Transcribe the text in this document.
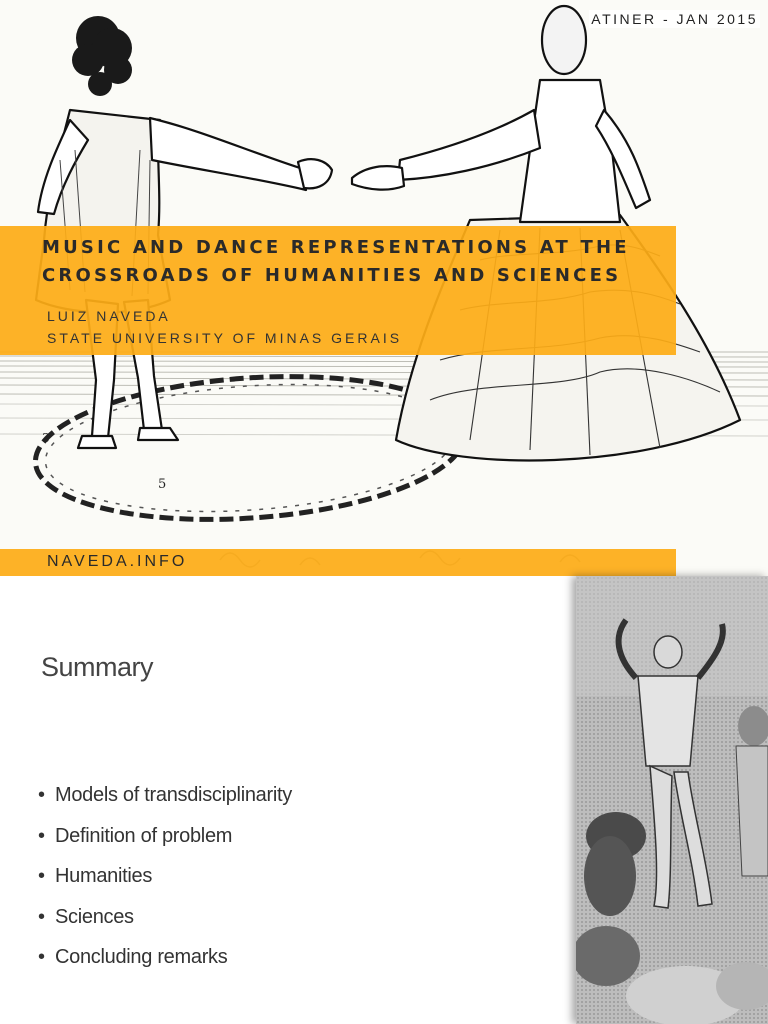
5
3
ATINER - JAN 2015
MUSIC AND DANCE REPRESENTATIONS AT THE
CROSSROADS OF HUMANITIES AND SCIENCES
LUIZ NAVEDA
STATE UNIVERSITY OF MINAS GERAIS
NAVEDA.INFO
Summary
• Models of transdisciplinarity
• Definition of problem
• Humanities
• Sciences
• Concluding remarks
